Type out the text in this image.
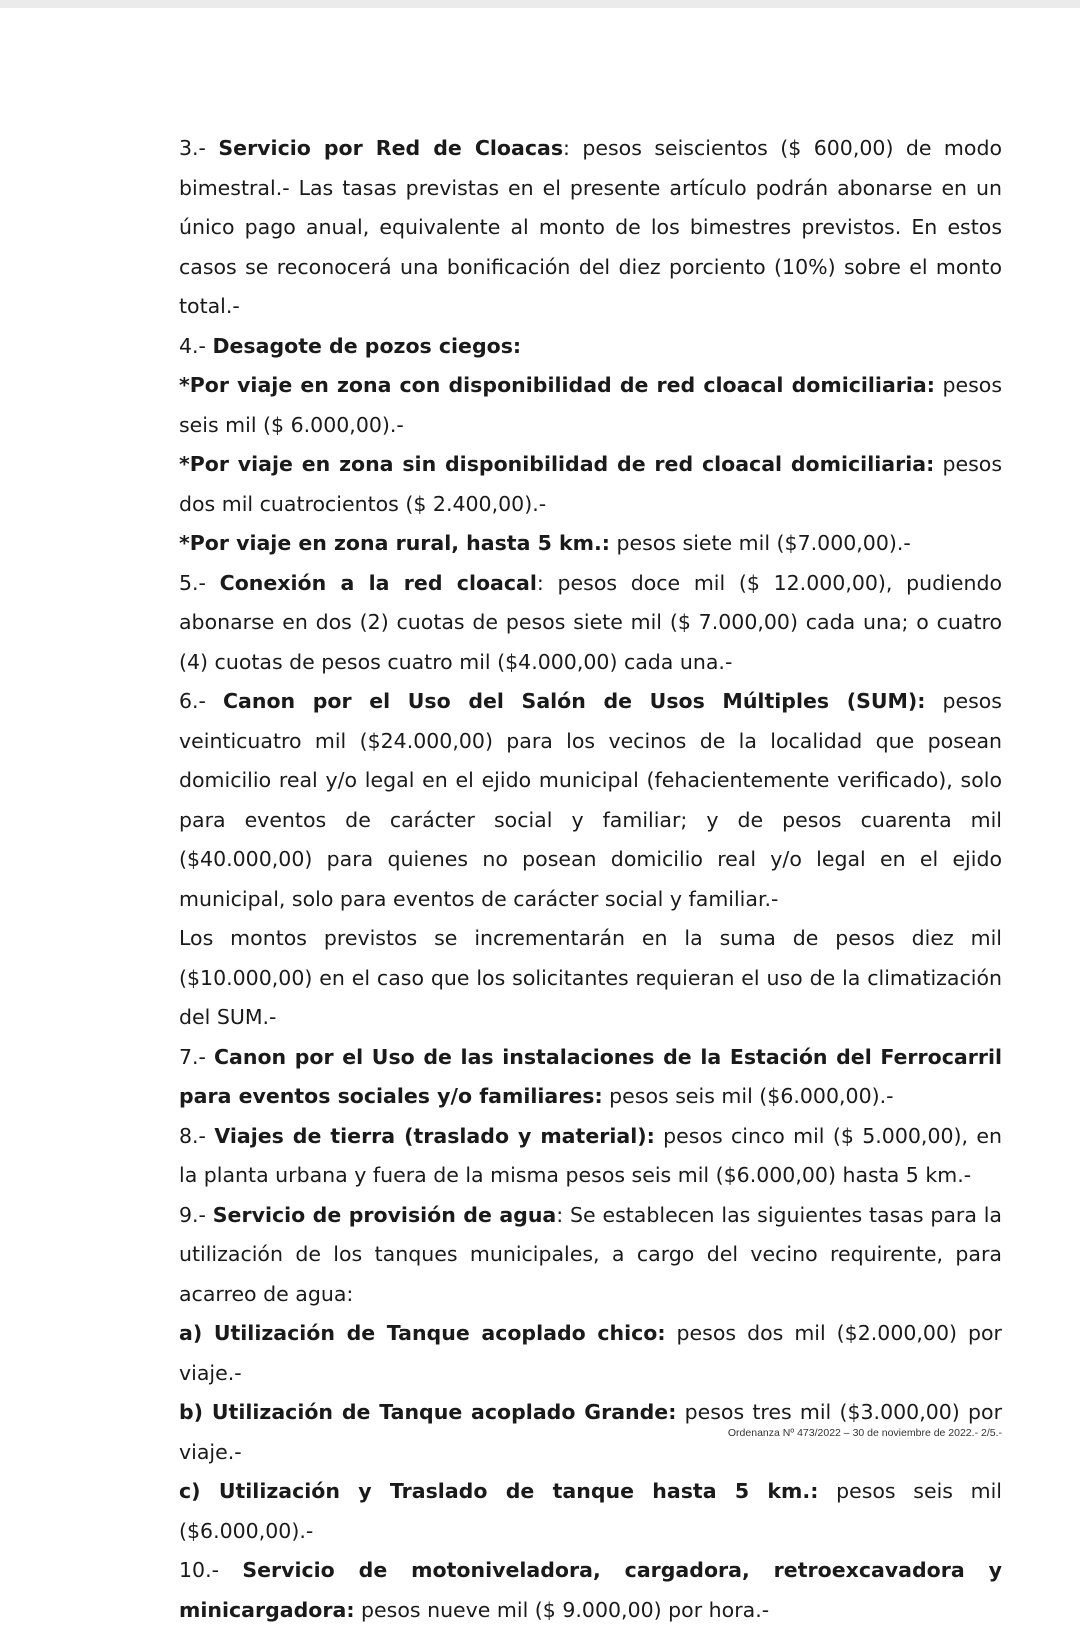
3.- Servicio por Red de Cloacas: pesos seiscientos ($ 600,00) de modo bimestral.- Las tasas previstas en el presente artículo podrán abonarse en un único pago anual, equivalente al monto de los bimestres previstos. En estos casos se reconocerá una bonificación del diez porciento (10%) sobre el monto total.-

4.- Desagote de pozos ciegos:

*Por viaje en zona con disponibilidad de red cloacal domiciliaria: pesos seis mil ($ 6.000,00).-

*Por viaje en zona sin disponibilidad de red cloacal domiciliaria: pesos dos mil cuatrocientos ($ 2.400,00).-

*Por viaje en zona rural, hasta 5 km.: pesos siete mil ($7.000,00).-

5.- Conexión a la red cloacal: pesos doce mil ($ 12.000,00), pudiendo abonarse en dos (2) cuotas de pesos siete mil ($ 7.000,00) cada una; o cuatro (4) cuotas de pesos cuatro mil ($4.000,00) cada una.-

6.- Canon por el Uso del Salón de Usos Múltiples (SUM): pesos veinticuatro mil ($24.000,00) para los vecinos de la localidad que posean domicilio real y/o legal en el ejido municipal (fehacientemente verificado), solo para eventos de carácter social y familiar; y de pesos cuarenta mil ($40.000,00) para quienes no posean domicilio real y/o legal en el ejido municipal, solo para eventos de carácter social y familiar.-

Los montos previstos se incrementarán en la suma de pesos diez mil ($10.000,00) en el caso que los solicitantes requieran el uso de la climatización del SUM.-

7.- Canon por el Uso de las instalaciones de la Estación del Ferrocarril para eventos sociales y/o familiares: pesos seis mil ($6.000,00).-

8.- Viajes de tierra (traslado y material): pesos cinco mil ($ 5.000,00), en la planta urbana y fuera de la misma pesos seis mil ($6.000,00) hasta 5 km.-

9.- Servicio de provisión de agua: Se establecen las siguientes tasas para la utilización de los tanques municipales, a cargo del vecino requirente, para acarreo de agua:

a) Utilización de Tanque acoplado chico: pesos dos mil ($2.000,00) por viaje.-

b) Utilización de Tanque acoplado Grande: pesos tres mil ($3.000,00) por viaje.-

c) Utilización y Traslado de tanque hasta 5 km.: pesos seis mil ($6.000,00).-

10.- Servicio de motoniveladora, cargadora, retroexcavadora y

minicargadora: pesos nueve mil ($ 9.000,00) por hora.-

Ordenanza Nº 473/2022 – 30 de noviembre de 2022.- 2/5.-
